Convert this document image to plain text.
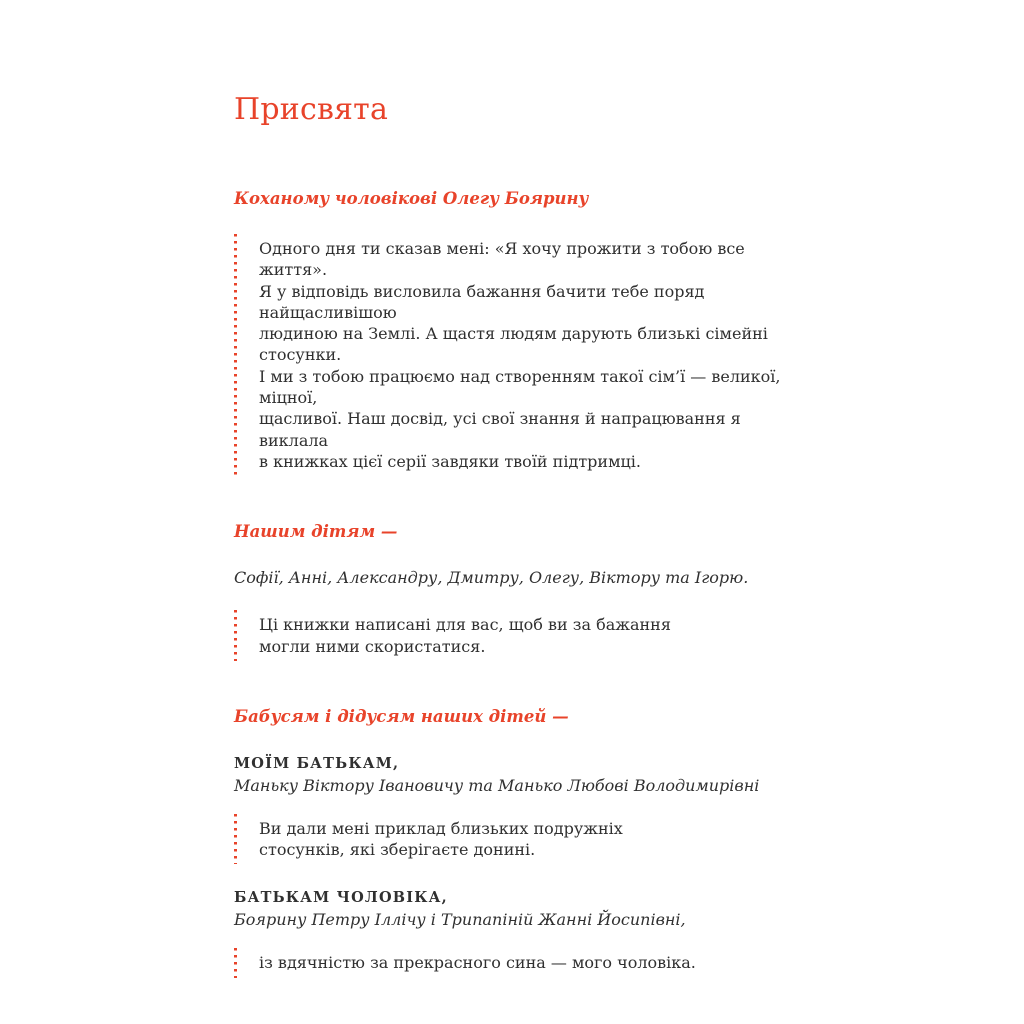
Присвята
Коханому чоловікові Олегу Боярину
Одного дня ти сказав мені: «Я хочу прожити з тобою все життя».
Я у відповідь висловила бажання бачити тебе поряд найщасливішою
людиною на Землі. А щастя людям дарують близькі сімейні стосунки.
І ми з тобою працюємо над створенням такої сім’ї — великої, міцної,
щасливої. Наш досвід, усі свої знання й напрацювання я виклала
в книжках цієї серії завдяки твоїй підтримці.
Нашим дітям —

Софії, Анні, Александру, Дмитру, Олегу, Віктору та Ігорю.

Ці книжки написані для вас, щоб ви за бажання
могли ними скористатися.
Бабусям і дідусям наших дітей —
МОЇМ БАТЬКАМ,

Маньку Віктору Івановичу та Манько Любові Володимирівні

Ви дали мені приклад близьких подружніх
стосунків, які зберігаєте донині.
БАТЬКАМ ЧОЛОВІКА,

Боярину Петру Іллічу і Трипапіній Жанні Йосипівні,

із вдячністю за прекрасного сина — мого чоловіка.
